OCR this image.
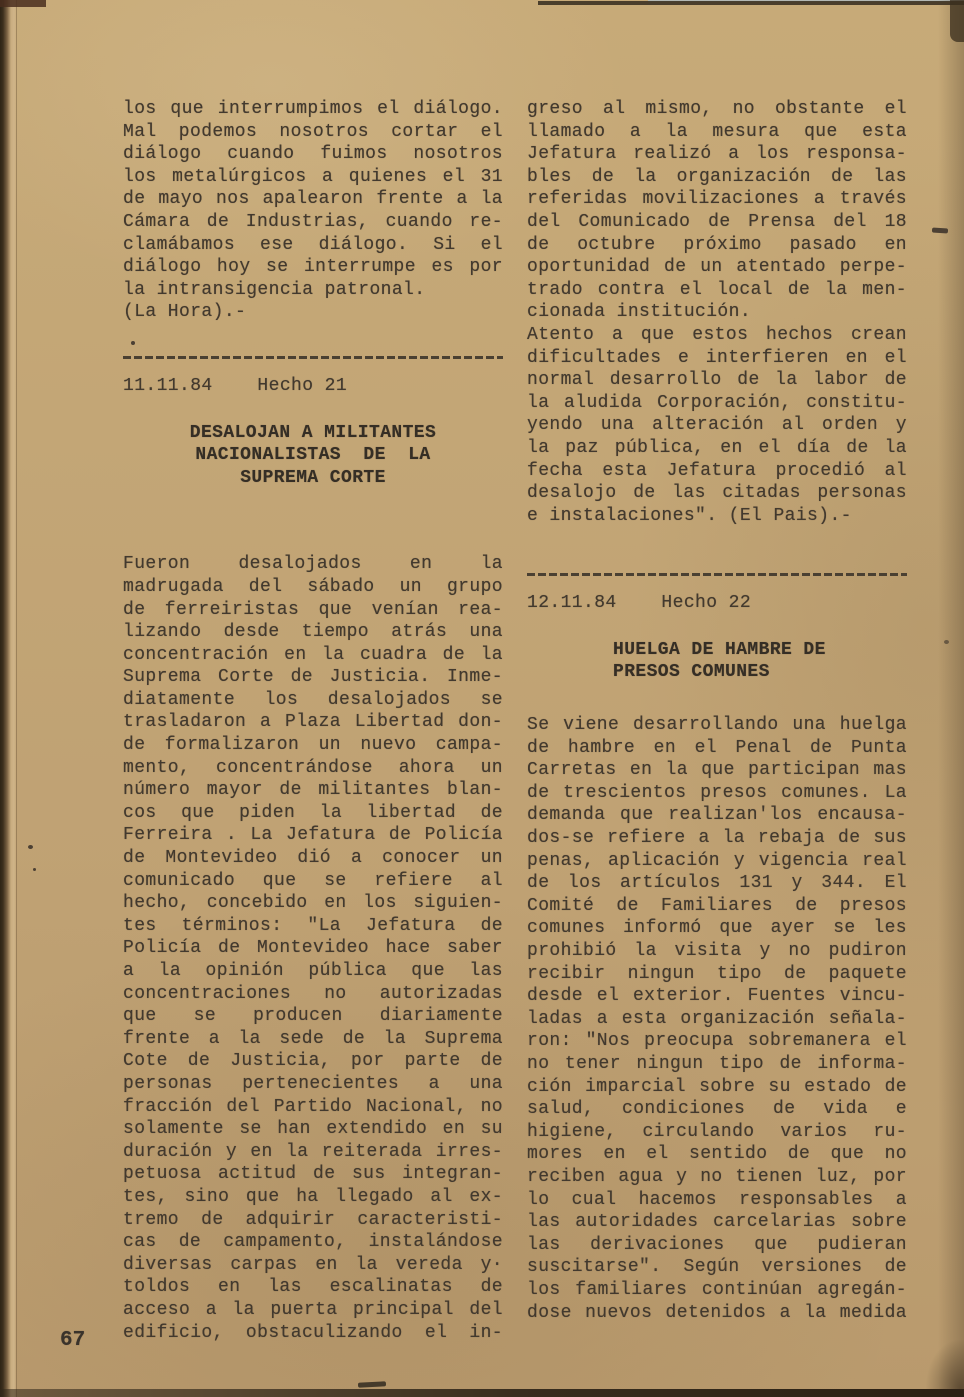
67
los que interrumpimos el diálogo.
Mal podemos nosotros cortar el
diálogo cuando fuimos nosotros
los metalúrgicos a quienes el 31
de mayo nos apalearon frente a la
Cámara de Industrias, cuando re-
clamábamos ese diálogo. Si el
diálogo hoy se interrumpe es por
la intransigencia patronal.
(La Hora).-
11.11.84    Hecho 21
DESALOJAN A MILITANTES
NACIONALISTAS  DE  LA
SUPREMA CORTE
Fueron desalojados en la
madrugada del sábado un grupo
de ferreiristas que venían rea-
lizando desde tiempo atrás una
concentración en la cuadra de la
Suprema Corte de Justicia. Inme-
diatamente los desalojados se
trasladaron a Plaza Libertad don-
de formalizaron un nuevo campa-
mento, concentrándose ahora un
número mayor de militantes blan-
cos que piden la libertad de
Ferreira . La Jefatura de Policía
de Montevideo dió a conocer un
comunicado que se refiere al
hecho, concebido en los siguien-
tes términos: "La Jefatura de
Policía de Montevideo hace saber
a la opinión pública que las
concentraciones no autorizadas
que se producen diariamente
frente a la sede de la Suprema
Cote de Justicia, por parte de
personas pertenecientes a una
fracción del Partido Nacional, no
solamente se han extendido en su
duración y en la reiterada irres-
petuosa actitud de sus integran-
tes, sino que ha llegado al ex-
tremo de adquirir caracteristi-
cas de campamento, instalándose
diversas carpas en la vereda y·
toldos en las escalinatas de
acceso a la puerta principal del
edificio, obstaculizando el in-
greso al mismo, no obstante el
llamado a la mesura que esta
Jefatura realizó a los responsa-
bles de la organización de las
referidas movilizaciones a través
del Comunicado de Prensa del 18
de octubre próximo pasado en
oportunidad de un atentado perpe-
trado contra el local de la men-
cionada institución.
Atento a que estos hechos crean
dificultades e interfieren en el
normal desarrollo de la labor de
la aludida Corporación, constitu-
yendo una alteración al orden y
la paz pública, en el día de la
fecha esta Jefatura procedió al
desalojo de las citadas personas
e instalaciones". (El Pais).-
12.11.84    Hecho 22
HUELGA DE HAMBRE DE
PRESOS COMUNES
Se viene desarrollando una huelga
de hambre en el Penal de Punta
Carretas en la que participan mas
de trescientos presos comunes. La
demanda que realizan'los encausa-
dos-se refiere a la rebaja de sus
penas, aplicación y vigencia real
de los artículos 131 y 344. El
Comité de Familiares de presos
comunes informó que ayer se les
prohibió la visita y no pudiron
recibir ningun tipo de paquete
desde el exterior. Fuentes vincu-
ladas a esta organización señala-
ron: "Nos preocupa sobremanera el
no tener ningun tipo de informa-
ción imparcial sobre su estado de
salud, condiciones de vida e
higiene, circulando varios ru-
mores en el sentido de que no
reciben agua y no tienen luz, por
lo cual hacemos responsables a
las autoridades carcelarias sobre
las derivaciones que pudieran
suscitarse". Según versiones de
los familiares continúan agregán-
dose nuevos detenidos a la medida
